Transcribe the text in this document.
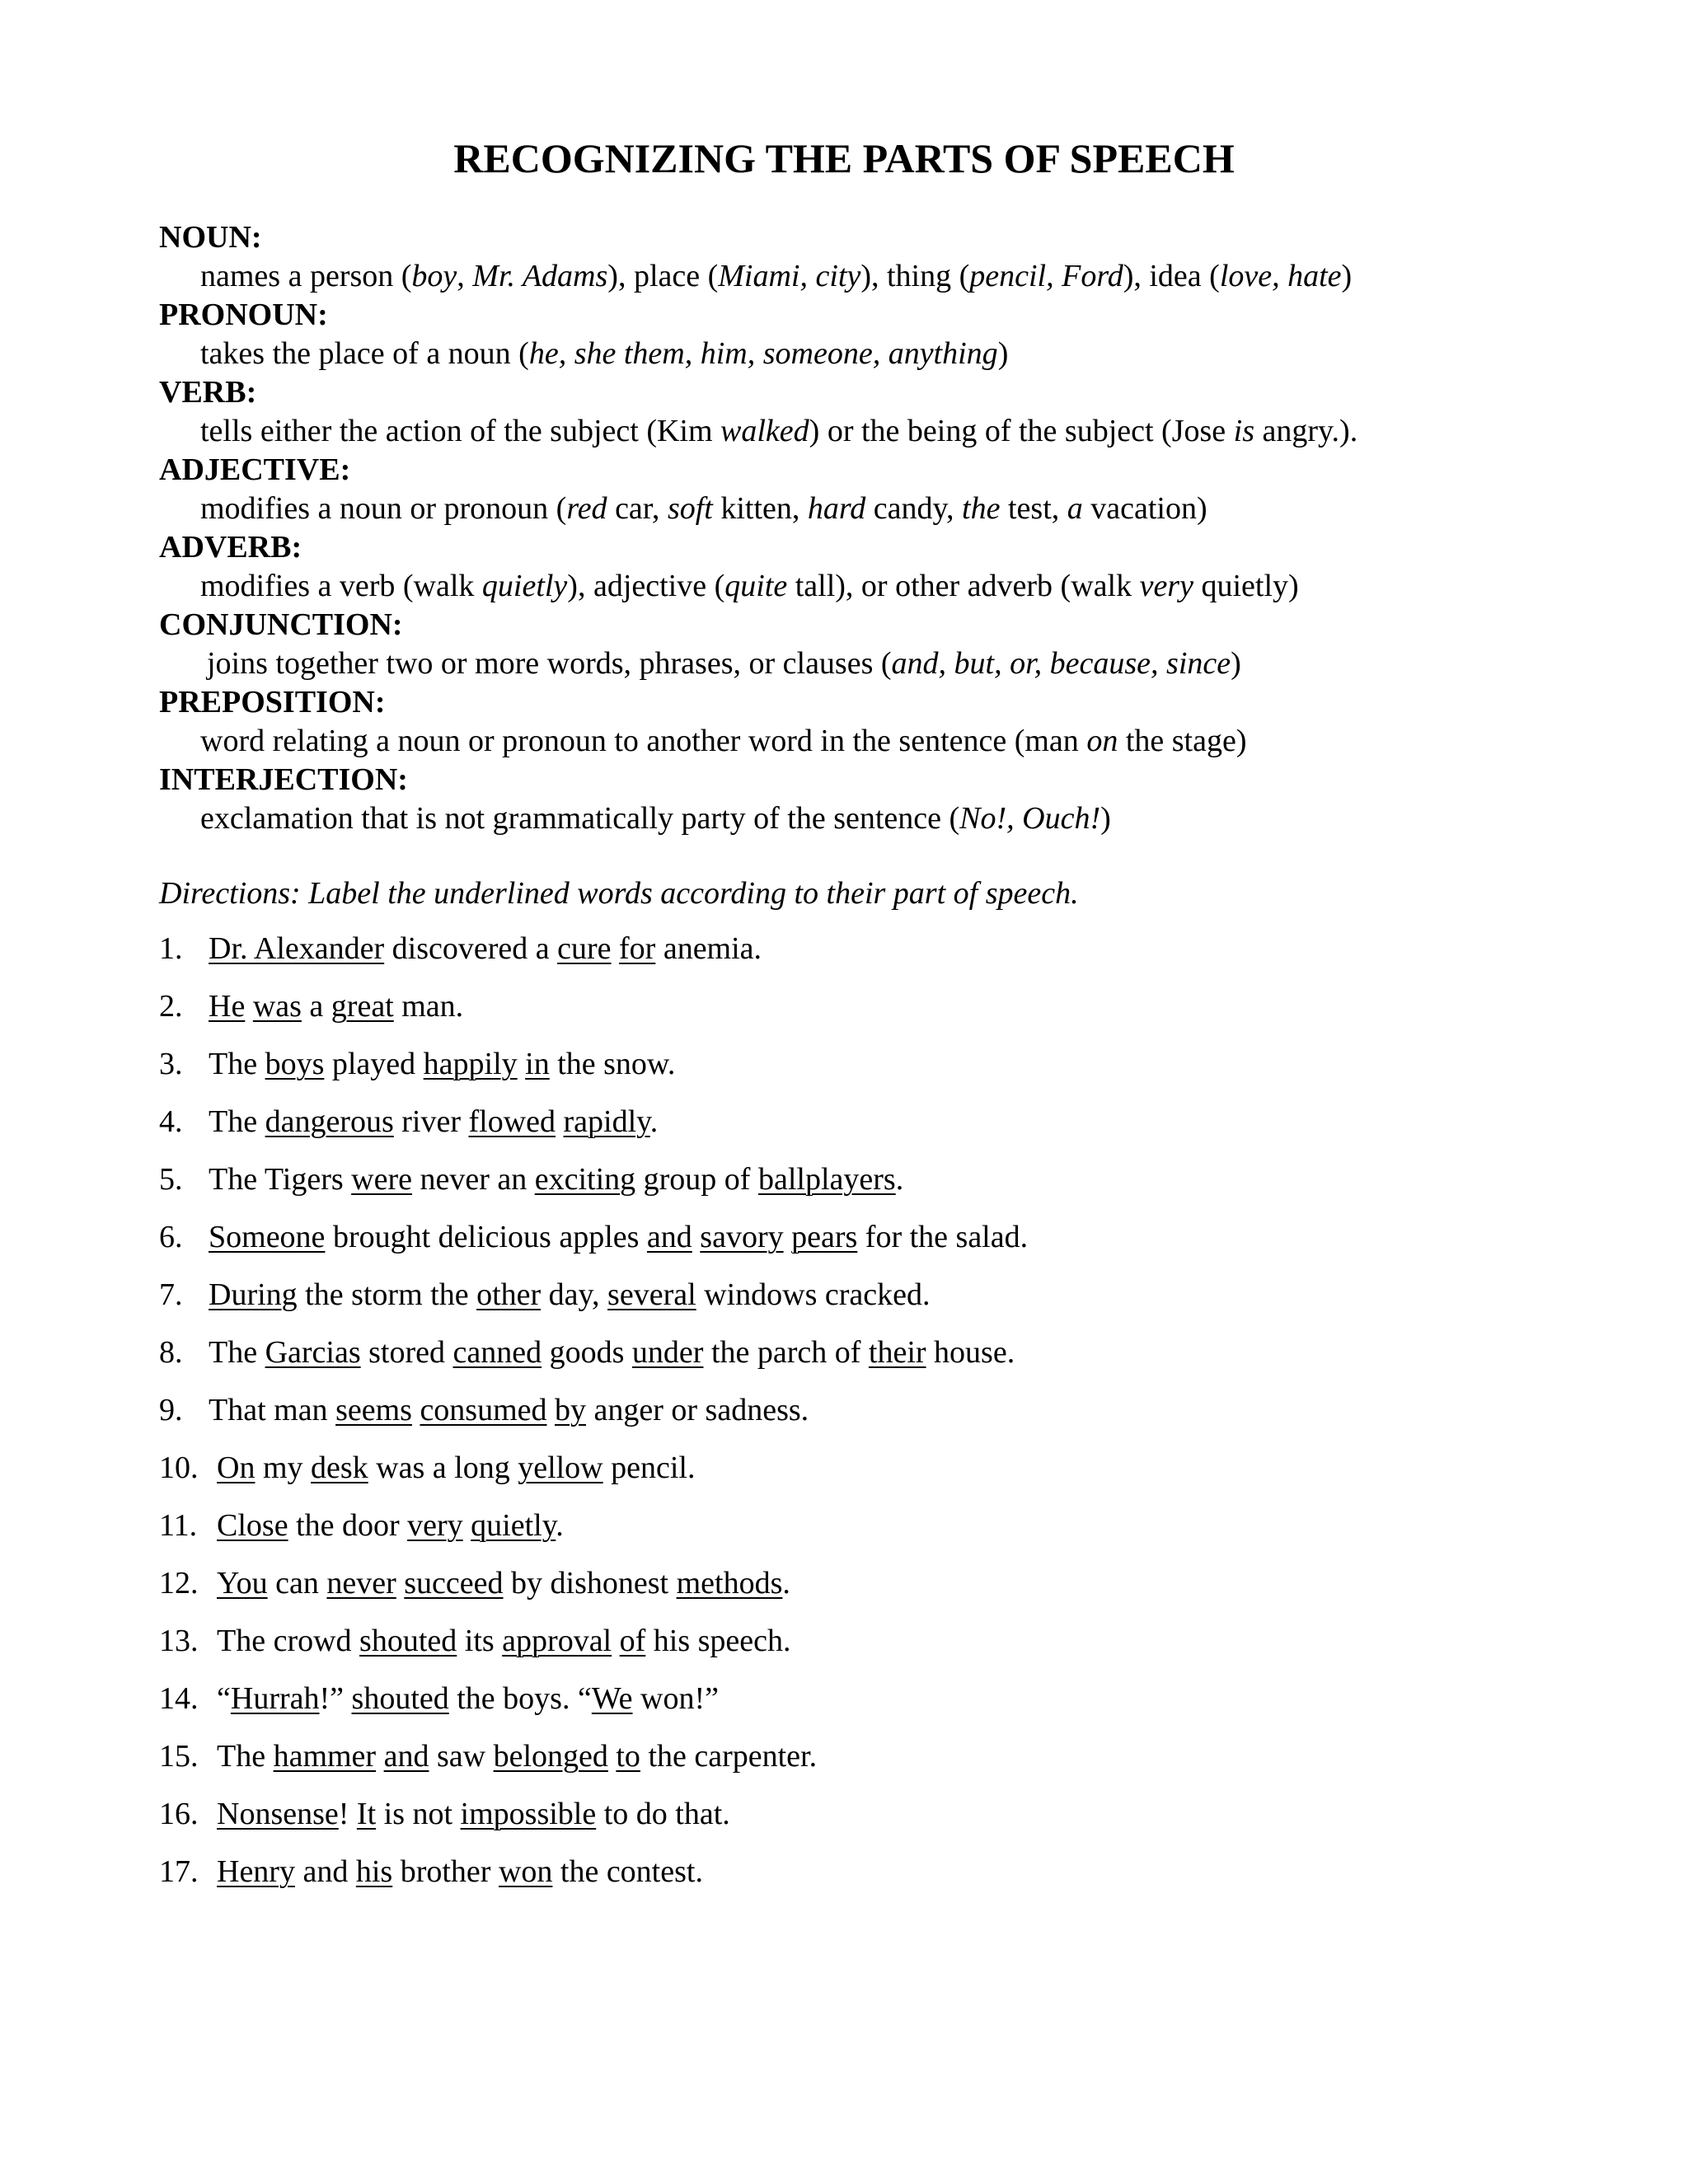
RECOGNIZING THE PARTS OF SPEECH
NOUN:
names a person (boy, Mr. Adams), place (Miami, city), thing (pencil, Ford), idea (love, hate)
PRONOUN:
takes the place of a noun (he, she them, him, someone, anything)
VERB:
tells either the action of the subject (Kim walked) or the being of the subject (Jose is angry.).
ADJECTIVE:
modifies a noun or pronoun (red car, soft kitten, hard candy, the test, a vacation)
ADVERB:
modifies a verb (walk quietly), adjective (quite tall), or other adverb (walk very quietly)
CONJUNCTION:
joins together two or more words, phrases, or clauses (and, but, or, because, since)
PREPOSITION:
word relating a noun or pronoun to another word in the sentence (man on the stage)
INTERJECTION:
exclamation that is not grammatically party of the sentence (No!, Ouch!)
Directions: Label the underlined words according to their part of speech.
1. Dr. Alexander discovered a cure for anemia.
2. He was a great man.
3. The boys played happily in the snow.
4. The dangerous river flowed rapidly.
5. The Tigers were never an exciting group of ballplayers.
6. Someone brought delicious apples and savory pears for the salad.
7. During the storm the other day, several windows cracked.
8. The Garcias stored canned goods under the parch of their house.
9. That man seems consumed by anger or sadness.
10. On my desk was a long yellow pencil.
11. Close the door very quietly.
12. You can never succeed by dishonest methods.
13. The crowd shouted its approval of his speech.
14. “Hurrah!” shouted the boys. “We won!”
15. The hammer and saw belonged to the carpenter.
16. Nonsense! It is not impossible to do that.
17. Henry and his brother won the contest.
